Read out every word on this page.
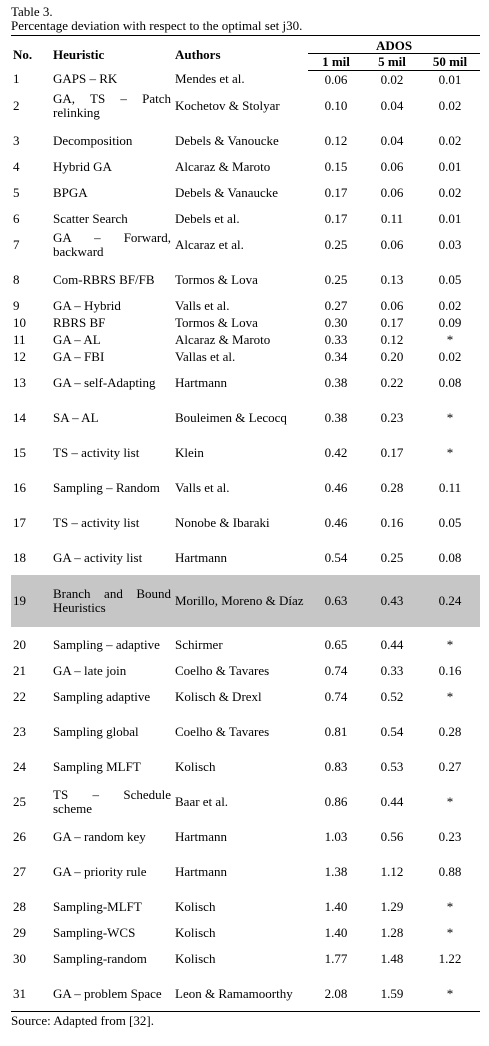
Table 3.
Percentage deviation with respect to the optimal set j30.
No.	Heuristic	Authors	ADOS		
			1 mil	5 mil	50 mil
1	GAPS – RK	Mendes et al.	0.06	0.02	0.01
2	GA, TS – Patch relinking	Kochetov & Stolyar	0.10	0.04	0.02
3	Decomposition	Debels & Vanoucke	0.12	0.04	0.02
4	Hybrid GA	Alcaraz & Maroto	0.15	0.06	0.01
5	BPGA	Debels & Vanaucke	0.17	0.06	0.02
6	Scatter Search	Debels et al.	0.17	0.11	0.01
7	GA – Forward, backward	Alcaraz et al.	0.25	0.06	0.03
8	Com-RBRS BF/FB	Tormos & Lova	0.25	0.13	0.05
9	GA – Hybrid	Valls et al.	0.27	0.06	0.02
10	RBRS BF	Tormos & Lova	0.30	0.17	0.09
11	GA – AL	Alcaraz & Maroto	0.33	0.12	*
12	GA – FBI	Vallas et al.	0.34	0.20	0.02
13	GA – self-Adapting	Hartmann	0.38	0.22	0.08
14	SA – AL	Bouleimen & Lecocq	0.38	0.23	*
15	TS – activity list	Klein	0.42	0.17	*
16	Sampling – Random	Valls et al.	0.46	0.28	0.11
17	TS – activity list	Nonobe & Ibaraki	0.46	0.16	0.05
18	GA – activity list	Hartmann	0.54	0.25	0.08
19	Branch and Bound Heuristics	Morillo, Moreno & Díaz	0.63	0.43	0.24
20	Sampling – adaptive	Schirmer	0.65	0.44	*
21	GA – late join	Coelho & Tavares	0.74	0.33	0.16
22	Sampling adaptive	Kolisch & Drexl	0.74	0.52	*
23	Sampling global	Coelho & Tavares	0.81	0.54	0.28
24	Sampling MLFT	Kolisch	0.83	0.53	0.27
25	TS – Schedule scheme	Baar et al.	0.86	0.44	*
26	GA – random key	Hartmann	1.03	0.56	0.23
27	GA – priority rule	Hartmann	1.38	1.12	0.88
28	Sampling-MLFT	Kolisch	1.40	1.29	*
29	Sampling-WCS	Kolisch	1.40	1.28	*
30	Sampling-random	Kolisch	1.77	1.48	1.22
31	GA – problem Space	Leon & Ramamoorthy	2.08	1.59	*
Source: Adapted from [32].
